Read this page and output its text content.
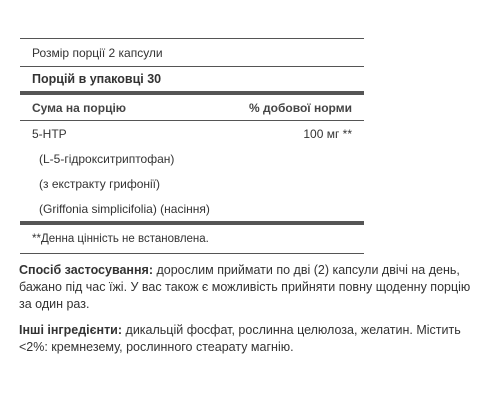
Розмір порції 2 капсули
Порцій в упаковці 30
Сума на порцію	% добової норми
5-HTP	100 мг **
(L-5-гідрокситриптофан)
(з екстракту грифонії)
(Griffonia simplicifolia) (насіння)
**Денна цінність не встановлена.
Спосіб застосування: дорослим приймати по дві (2) капсули двічі на день, бажано під час їжі. У вас також є можливість прийняти повну щоденну порцію за один раз.
Інші інгредієнти: дикальцій фосфат, рослинна целюлоза, желатин. Містить <2%: кремнезему, рослинного стеарату магнію.
